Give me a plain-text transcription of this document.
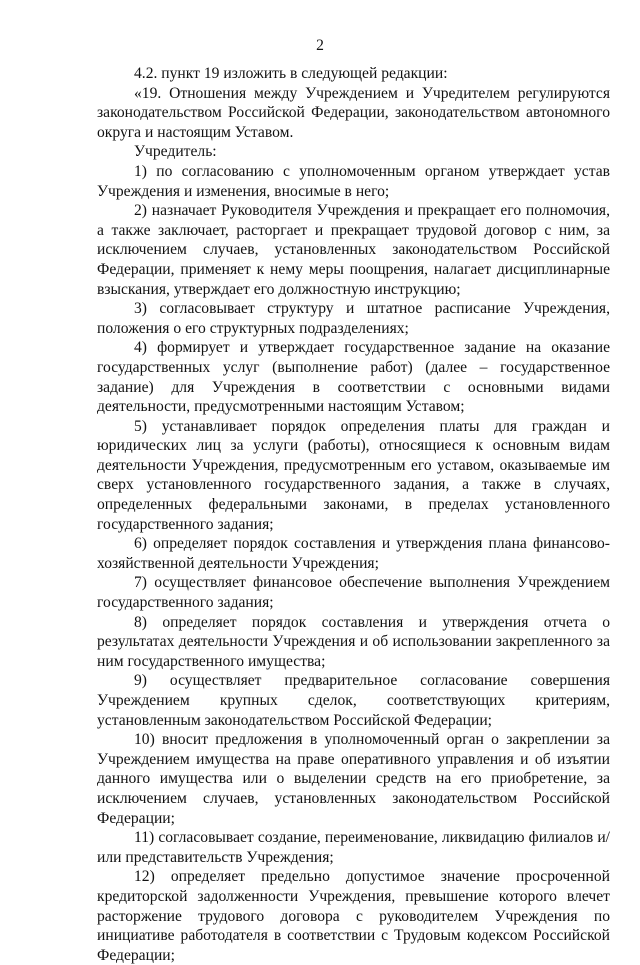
2

4.2. пункт 19 изложить в следующей редакции:

«19. Отношения между Учреждением и Учредителем регулируются законодательством Российской Федерации, законодательством автономного округа и настоящим Уставом.

Учредитель:

1) по согласованию с уполномоченным органом утверждает устав Учреждения и изменения, вносимые в него;

2) назначает Руководителя Учреждения и прекращает его полномочия, а также заключает, расторгает и прекращает трудовой договор с ним, за исключением случаев, установленных законодательством Российской Федерации, применяет к нему меры поощрения, налагает дисциплинарные взыскания, утверждает его должностную инструкцию;

3) согласовывает структуру и штатное расписание Учреждения, положения о его структурных подразделениях;

4) формирует и утверждает государственное задание на оказание государственных услуг (выполнение работ) (далее – государственное задание) для Учреждения в соответствии с основными видами деятельности, предусмотренными настоящим Уставом;

5) устанавливает порядок определения платы для граждан и юридических лиц за услуги (работы), относящиеся к основным видам деятельности Учреждения, предусмотренным его уставом, оказываемые им сверх установленного государственного задания, а также в случаях, определенных федеральными законами, в пределах установленного государственного задания;

6) определяет порядок составления и утверждения плана финансово-хозяйственной деятельности Учреждения;

7) осуществляет финансовое обеспечение выполнения Учреждением государственного задания;

8) определяет порядок составления и утверждения отчета о результатах деятельности Учреждения и об использовании закрепленного за ним государственного имущества;

9) осуществляет предварительное согласование совершения Учреждением крупных сделок, соответствующих критериям, установленным законодательством Российской Федерации;

10) вносит предложения в уполномоченный орган о закреплении за Учреждением имущества на праве оперативного управления и об изъятии данного имущества или о выделении средств на его приобретение, за исключением случаев, установленных законодательством Российской Федерации;

11) согласовывает создание, переименование, ликвидацию филиалов и/или представительств Учреждения;

12) определяет предельно допустимое значение просроченной кредиторской задолженности Учреждения, превышение которого влечет расторжение трудового договора с руководителем Учреждения по инициативе работодателя в соответствии с Трудовым кодексом Российской Федерации;
